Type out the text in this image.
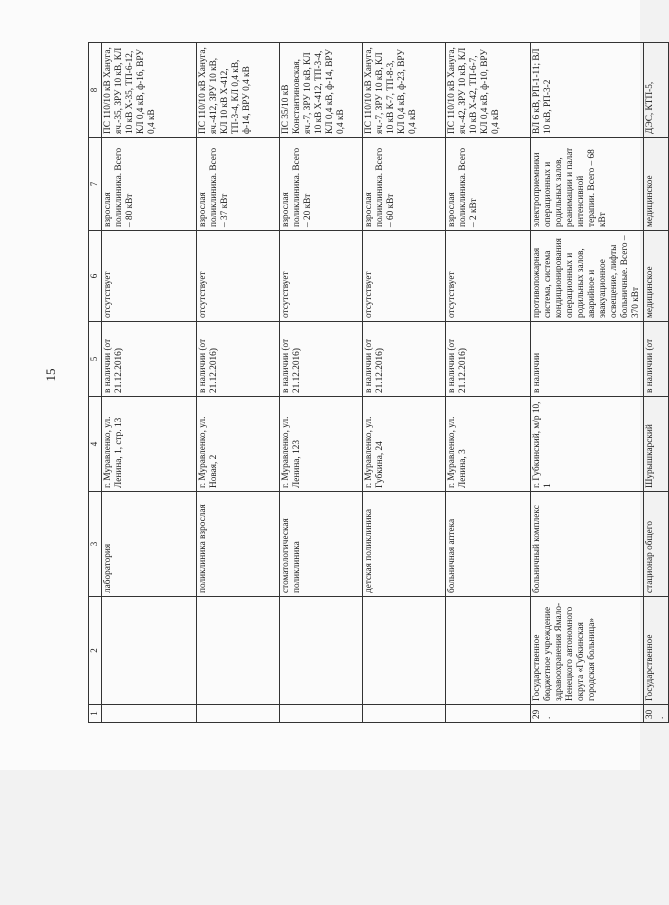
15
1	2	3	4	5	6	7	8
		лаборатория	г. Муравленко, ул. Ленина, 1, стр. 13	в наличии (от 21.12.2016)	отсутствует	взрослая поликлиника. Всего – 80 кВт	ПС 110/10 кВ Хануга, яч.-35, ЗРУ 10 кВ, КЛ 10 кВ Х-35, ТП-6-12, КЛ 0,4 кВ, ф-16, ВРУ 0,4 кВ
		поликлиника взрослая	г. Муравленко, ул. Новая, 2	в наличии (от 21.12.2016)	отсутствует	взрослая поликлиника. Всего – 37 кВт	ПС 110/10 кВ Хануга, яч.-412, ЗРУ 10 кВ, КЛ 10 кВ Х-412, ТП-3-4, КЛ 0,4 кВ, ф-14, ВРУ 0,4 кВ
		стоматологическая поликлиника	г. Муравленко, ул. Ленина, 123	в наличии (от 21.12.2016)	отсутствует	взрослая поликлиника. Всего – 20 кВт	ПС 35/10 кВ Константиновская, яч.-7, ЗРУ 10 кВ, КЛ 10 кВ Х-412, ТП-3-4, КЛ 0,4 кВ, ф-14, ВРУ 0,4 кВ
		детская поликлиника	г. Муравленко, ул. Губкина, 24	в наличии (от 21.12.2016)	отсутствует	взрослая поликлиника. Всего – 60 кВт	ПС 110/10 кВ Хануга, яч.-7, ЗРУ 10 кВ, КЛ 10 кВ К-7, ТП-8-3, КЛ 0,4 кВ, ф-23, ВРУ 0,4 кВ
		больничная аптека	г. Муравленко, ул. Ленина, 3	в наличии (от 21.12.2016)	отсутствует	взрослая поликлиника. Всего – 2 кВт	ПС 110/10 кВ Хануга, яч.-42, ЗРУ 10 кВ, КЛ 10 кВ Х-42, ТП-6-7, КЛ 0,4 кВ, ф-10, ВРУ 0,4 кВ
29.	Государственное бюджетное учреждение здравоохранения Ямало-Ненецкого автономного округа «Губкинская городская больница»	больничный комплекс	г. Губкинский, м/р 10, 1	в наличии	противопожарная система, система кондиционирования операционных и родильных залов, аварийное и эвакуационное освещение, лифты больничные. Всего – 370 кВт	электроприемники операционных и родильных залов, реанимации и палат интенсивной терапии. Всего – 68 кВт	ВЛ 6 кВ, РП-1-11; ВЛ 10 кВ, РП-3-2
30.	Государственное	стационар общего	Шурышкарский	в наличии (от	медицинское	медицинское	ДЭС, КТП-5,
